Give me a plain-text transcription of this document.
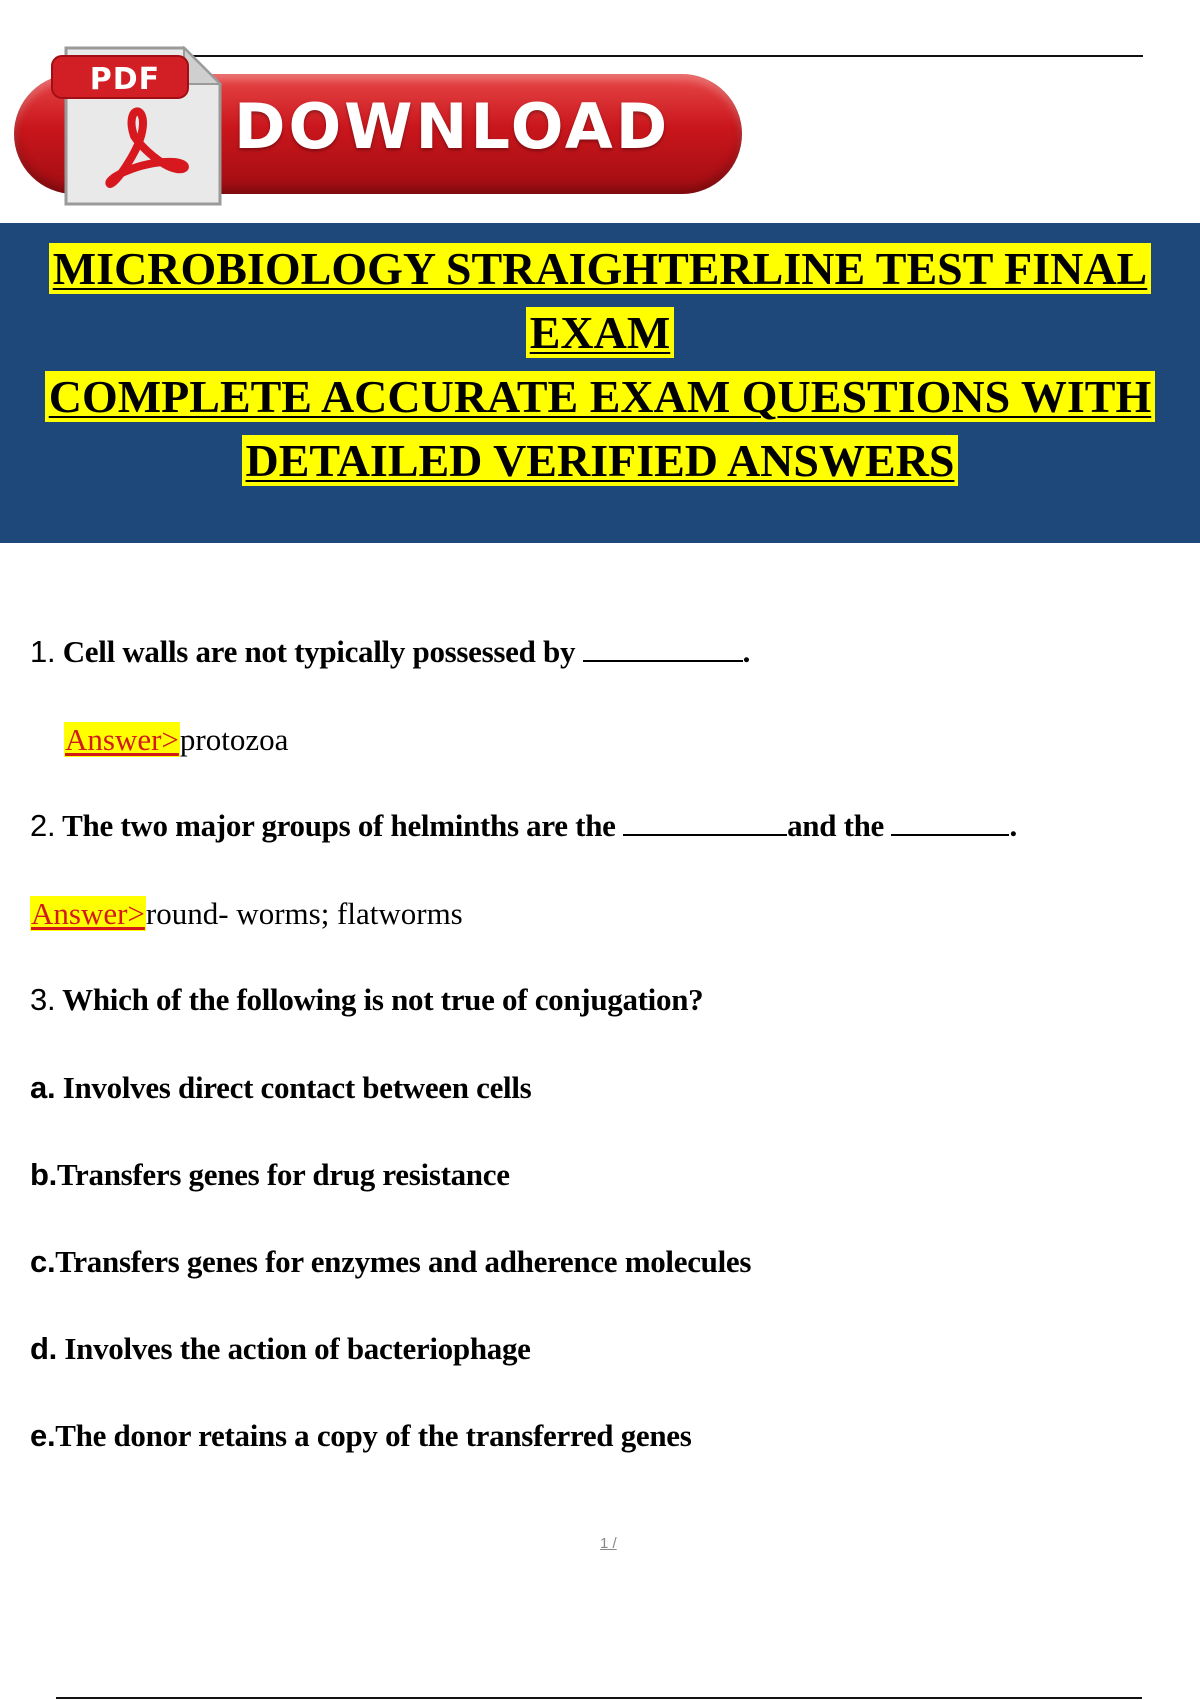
DOWNLOAD
PDF
MICROBIOLOGY STRAIGHTERLINE TEST FINAL
EXAM
COMPLETE ACCURATE EXAM QUESTIONS WITH
DETAILED VERIFIED ANSWERS
1. Cell walls are not typically possessed by	.
Answer>protozoa
2. The two major groups of helminths are the	and the	.
Answer>round- worms; flatworms
3. Which of the following is not true of conjugation?
a. Involves direct contact between cells
b.Transfers genes for drug resistance
c.Transfers genes for enzymes and adherence molecules
d. Involves the action of bacteriophage
e.The donor retains a copy of the transferred genes
1 /
